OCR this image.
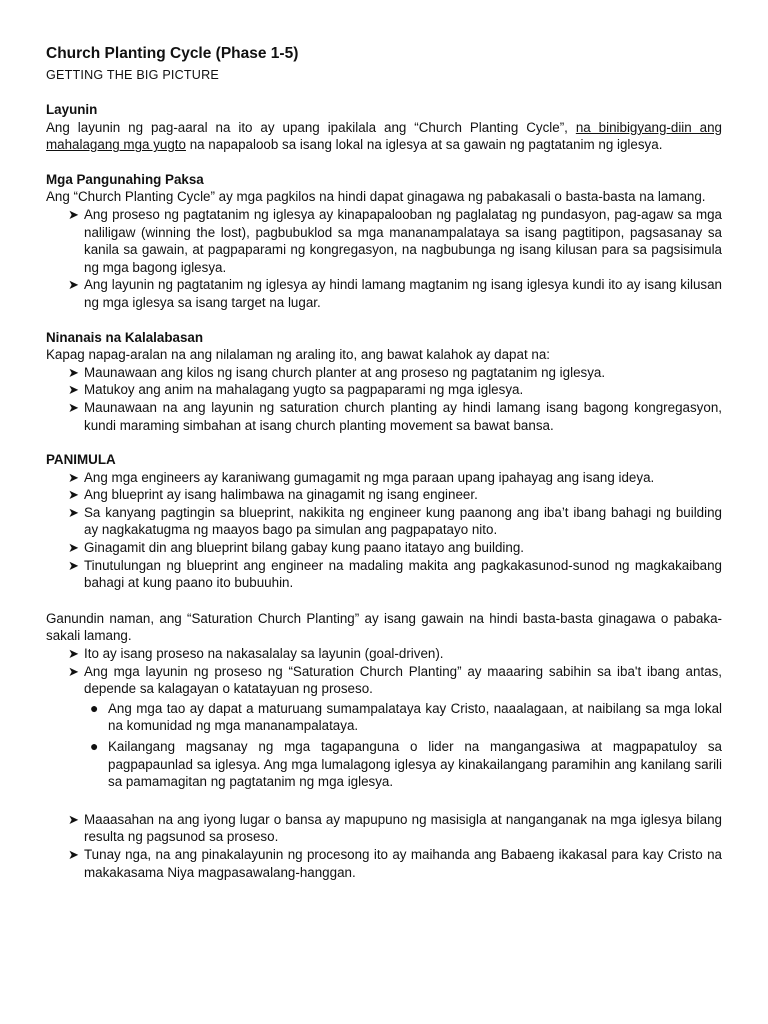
Church Planting Cycle (Phase 1-5)
GETTING THE BIG PICTURE
Layunin

Ang layunin ng pag-aaral na ito ay upang ipakilala ang “Church Planting Cycle”, na binibigyang-diin ang mahalagang mga yugto na napapaloob sa isang lokal na iglesya at sa gawain ng pagtatanim ng iglesya.

Mga Pangunahing Paksa

Ang “Church Planting Cycle” ay mga pagkilos na hindi dapat ginagawa ng pabakasali o basta-basta na lamang.

➤ Ang proseso ng pagtatanim ng iglesya ay kinapapalooban ng paglalatag ng pundasyon, pag-agaw sa mga naliligaw (winning the lost), pagbubuklod sa mga mananampalataya sa isang pagtitipon, pagsasanay sa kanila sa gawain, at pagpaparami ng kongregasyon, na nagbubunga ng isang kilusan para sa pagsisimula ng mga bagong iglesya.
➤ Ang layunin ng pagtatanim ng iglesya ay hindi lamang magtanim ng isang iglesya kundi ito ay isang kilusan ng mga iglesya sa isang target na lugar.
Ninanais na Kalalabasan

Kapag napag-aralan na ang nilalaman ng araling ito, ang bawat kalahok ay dapat na:

➤ Maunawaan ang kilos ng isang church planter at ang proseso ng pagtatanim ng iglesya.
➤ Matukoy ang anim na mahalagang yugto sa pagpaparami ng mga iglesya.
➤ Maunawaan na ang layunin ng saturation church planting ay hindi lamang isang bagong kongregasyon, kundi maraming simbahan at isang church planting movement sa bawat bansa.
PANIMULA
➤ Ang mga engineers ay karaniwang gumagamit ng mga paraan upang ipahayag ang isang ideya.
➤ Ang blueprint ay isang halimbawa na ginagamit ng isang engineer.
➤ Sa kanyang pagtingin sa blueprint, nakikita ng engineer kung paanong ang iba’t ibang bahagi ng building ay nagkakatugma ng maayos bago pa simulan ang pagpapatayo nito.
➤ Ginagamit din ang blueprint bilang gabay kung paano itatayo ang building.
➤ Tinutulungan ng blueprint ang engineer na madaling makita ang pagkakasunod-sunod ng magkakaibang bahagi at kung paano ito bubuuhin.

Ganundin naman, ang “Saturation Church Planting” ay isang gawain na hindi basta-basta ginagawa o pabaka-sakali lamang.

➤ Ito ay isang proseso na nakasalalay sa layunin (goal-driven).
➤ Ang mga layunin ng proseso ng “Saturation Church Planting” ay maaaring sabihin sa iba't ibang antas, depende sa kalagayan o katatayuan ng proseso.
● Ang mga tao ay dapat a maturuang sumampalataya kay Cristo, naaalagaan, at naibilang sa mga lokal na komunidad ng mga mananampalataya.
● Kailangang magsanay ng mga tagapanguna o lider na mangangasiwa at magpapatuloy sa pagpapaunlad sa iglesya. Ang mga lumalagong iglesya ay kinakailangang paramihin ang kanilang sarili sa pamamagitan ng pagtatanim ng mga iglesya.
➤ Maaasahan na ang iyong lugar o bansa ay mapupuno ng masisigla at nanganganak na mga iglesya bilang resulta ng pagsunod sa proseso.
➤ Tunay nga, na ang pinakalayunin ng procesong ito ay maihanda ang Babaeng ikakasal para kay Cristo na makakasama Niya magpasawalang-hanggan.
